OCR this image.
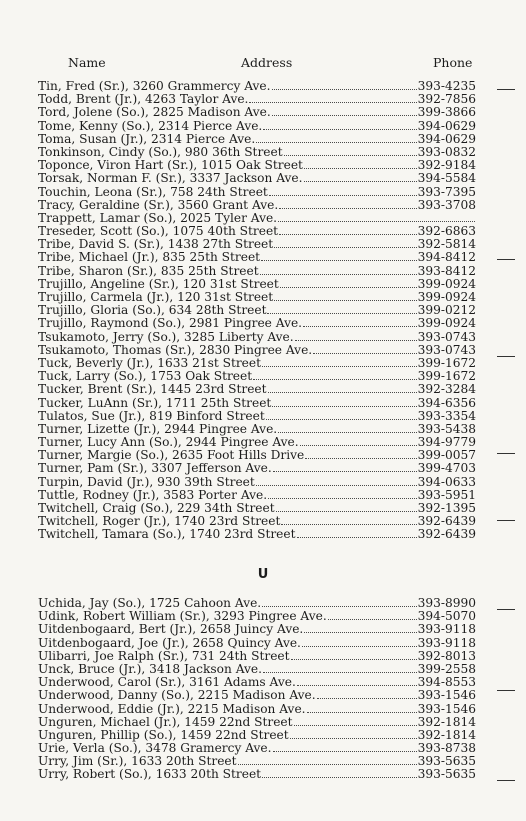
Name	Address	Phone
Tin, Fred (Sr.), 3260 Grammercy Ave.	393-4235
Todd, Brent (Jr.), 4263 Taylor Ave.	392-7856
Tord, Jolene (So.), 2825 Madison Ave.	399-3866
Tome, Kenny (So.), 2314 Pierce Ave.	394-0629
Toma, Susan (Jr.), 2314 Pierce Ave.	394-0629
Tonkinson, Cindy (So.), 980 36th Street	393-0832
Toponce, Viron Hart (Sr.), 1015 Oak Street	392-9184
Torsak, Norman F. (Sr.), 3337 Jackson Ave.	394-5584
Touchin, Leona (Sr.), 758 24th Street	393-7395
Tracy, Geraldine (Sr.), 3560 Grant Ave.	393-3708
Trappett, Lamar (So.), 2025 Tyler Ave.
Treseder, Scott (So.), 1075 40th Street	392-6863
Tribe, David S. (Sr.), 1438 27th Street	392-5814
Tribe, Michael (Jr.), 835 25th Street	394-8412
Tribe, Sharon (Sr.), 835 25th Street	393-8412
Trujillo, Angeline (Sr.), 120 31st Street	399-0924
Trujillo, Carmela (Jr.), 120 31st Street	399-0924
Trujillo, Gloria (So.), 634 28th Street	399-0212
Trujillo, Raymond (So.), 2981 Pingree Ave.	399-0924
Tsukamoto, Jerry (So.), 3285 Liberty Ave.	393-0743
Tsukamoto, Thomas (Sr.), 2830 Pingree Ave.	393-0743
Tuck, Beverly (Jr.), 1633 21st Street	399-1672
Tuck, Larry (So.), 1753 Oak Street	399-1672
Tucker, Brent (Sr.), 1445 23rd Street	392-3284
Tucker, LuAnn (Sr.), 1711 25th Street	394-6356
Tulatos, Sue (Jr.), 819 Binford Street	393-3354
Turner, Lizette (Jr.), 2944 Pingree Ave.	393-5438
Turner, Lucy Ann (So.), 2944 Pingree Ave.	394-9779
Turner, Margie (So.), 2635 Foot Hills Drive	399-0057
Turner, Pam (Sr.), 3307 Jefferson Ave.	399-4703
Turpin, David (Jr.), 930 39th Street	394-0633
Tuttle, Rodney (Jr.), 3583 Porter Ave.	393-5951
Twitchell, Craig (So.), 229 34th Street	392-1395
Twitchell, Roger (Jr.), 1740 23rd Street	392-6439
Twitchell, Tamara (So.), 1740 23rd Street	392-6439
U
Uchida, Jay (So.), 1725 Cahoon Ave.	393-8990
Udink, Robert William (Sr.), 3293 Pingree Ave.	394-5070
Uitdenbogaard, Bert (Jr.), 2658 Juincy Ave.	393-9118
Uitdenbogaard, Joe (Jr.), 2658 Quincy Ave.	393-9118
Ulibarri, Joe Ralph (Sr.), 731 24th Street	392-8013
Unck, Bruce (Jr.), 3418 Jackson Ave.	399-2558
Underwood, Carol (Sr.), 3161 Adams Ave.	394-8553
Underwood, Danny (So.), 2215 Madison Ave.	393-1546
Underwood, Eddie (Jr.), 2215 Madison Ave.	393-1546
Unguren, Michael (Jr.), 1459 22nd Street	392-1814
Unguren, Phillip (So.), 1459 22nd Street	392-1814
Urie, Verla (So.), 3478 Gramercy Ave.	393-8738
Urry, Jim (Sr.), 1633 20th Street	393-5635
Urry, Robert (So.), 1633 20th Street	393-5635
